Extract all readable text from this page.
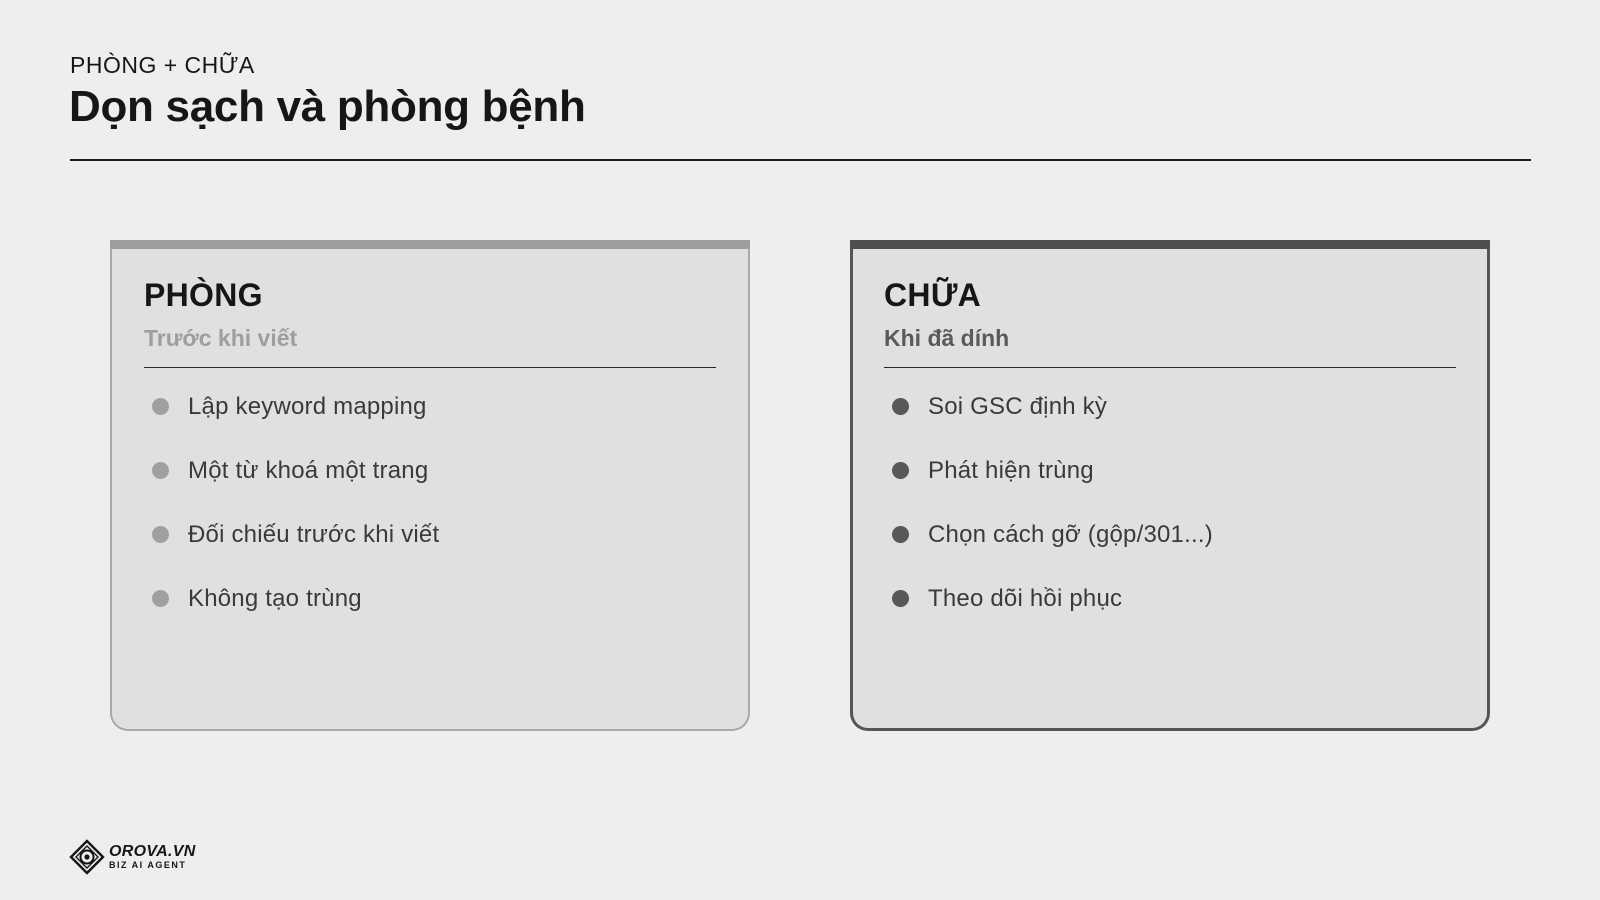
PHÒNG + CHỮA
Dọn sạch và phòng bệnh
PHÒNG
Trước khi viết
Lập keyword mapping
Một từ khoá một trang
Đối chiếu trước khi viết
Không tạo trùng
CHỮA
Khi đã dính
Soi GSC định kỳ
Phát hiện trùng
Chọn cách gỡ (gộp/301...)
Theo dõi hồi phục
OROVA.VN
BIZ AI AGENT
